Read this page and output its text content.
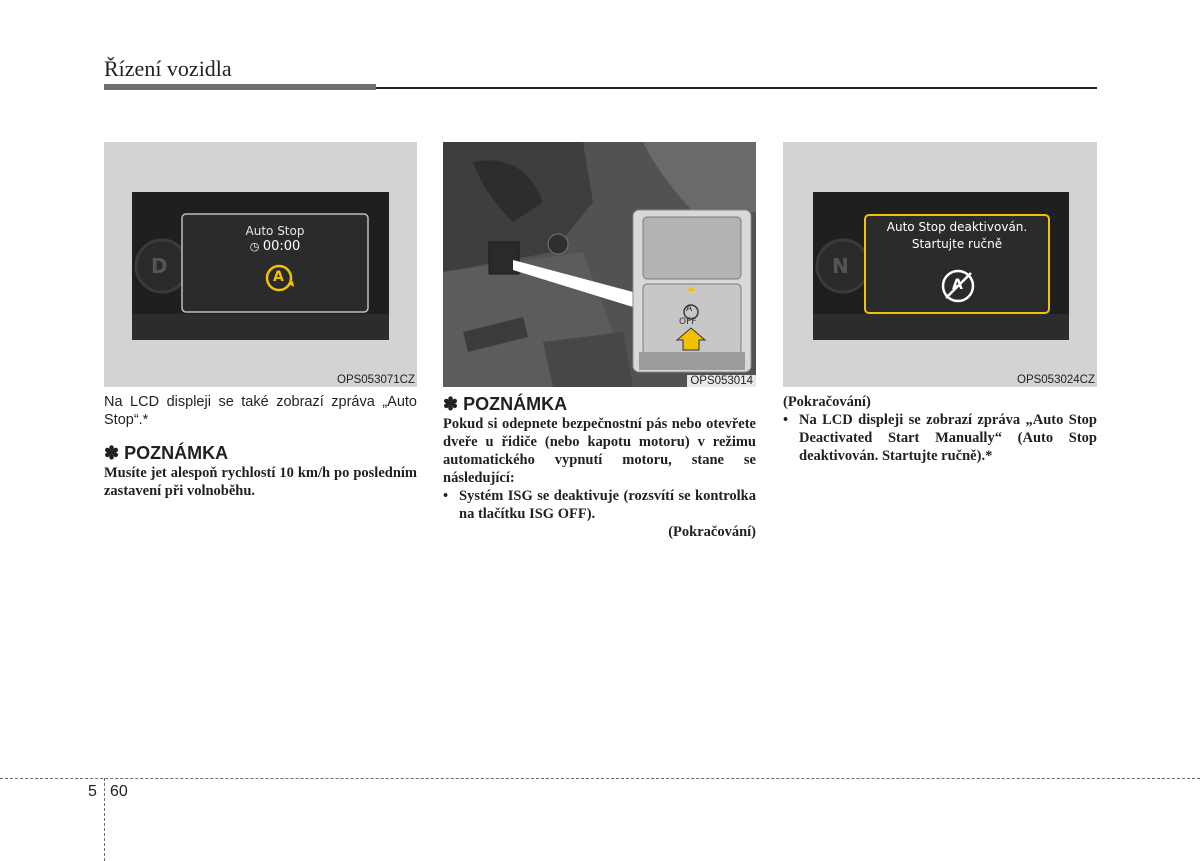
Řízení vozidla
Auto Stop
◷ 00:00
D	A
OPS053071CZ
A
OFF
OPS053014
Auto Stop deaktivován.
Startujte ručně
N
A
OPS053024CZ
Na LCD displeji se také zobrazí zpráva „Auto Stop“.*
✽ POZNÁMKA
Musíte jet alespoň rychlostí 10 km/h po posledním zastavení při volnoběhu.
✽ POZNÁMKA
Pokud si odepnete bezpečnostní pás nebo otevřete dveře u řidiče (nebo kapotu motoru) v režimu automatického vypnutí motoru, stane se následující:
• Systém ISG se deaktivuje (rozsvítí se kontrolka na tlačítku ISG OFF).
(Pokračování)
(Pokračování)
• Na LCD displeji se zobrazí zpráva „Auto Stop Deactivated Start Manually“ (Auto Stop deaktivován. Startujte ručně).*
5 60
